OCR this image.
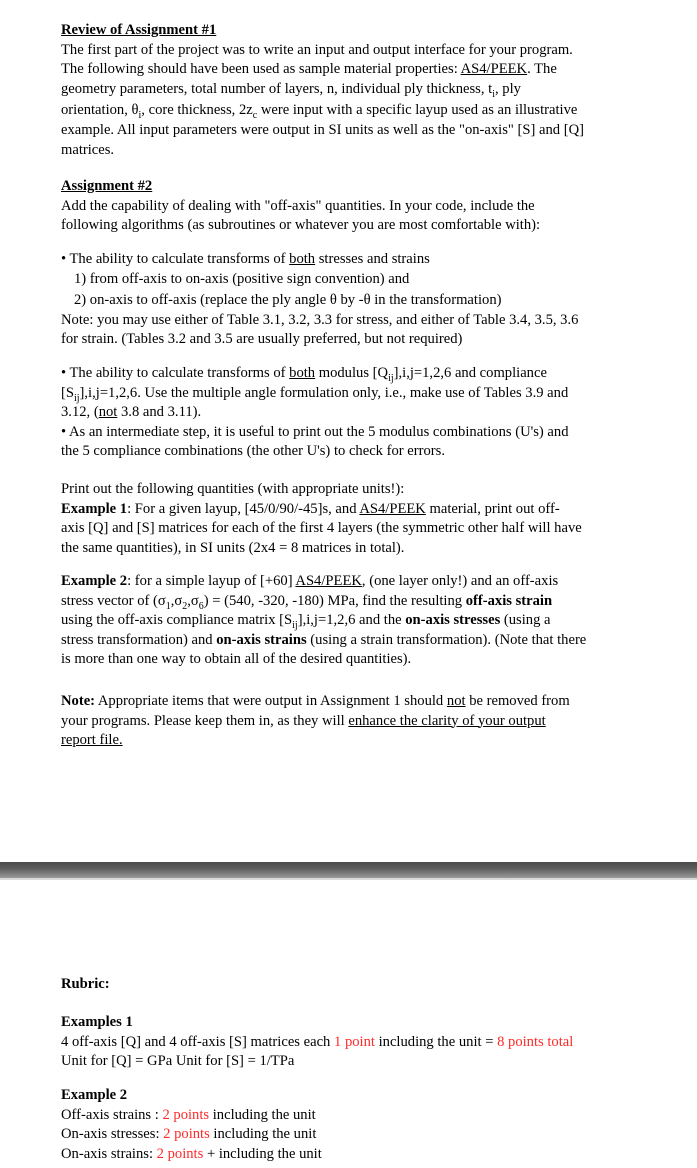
Review of Assignment #1

The first part of the project was to write an input and output interface for your program.

The following should have been used as sample material properties: AS4/PEEK. The

geometry parameters, total number of layers, n, individual ply thickness, $t_i$, ply

orientation, $\theta_i$, core thickness, $2z_c$ were input with a specific layup used as an illustrative

example. All input parameters were output in SI units as well as the "on-axis" [S] and [Q]

matrices.

Assignment #2

Add the capability of dealing with "off-axis" quantities. In your code, include the

following algorithms (as subroutines or whatever you are most comfortable with):

• The ability to calculate transforms of both stresses and strains

1) from off-axis to on-axis (positive sign convention) and

2) on-axis to off-axis (replace the ply angle θ by -θ in the transformation)

Note: you may use either of Table 3.1, 3.2, 3.3 for stress, and either of Table 3.4, 3.5, 3.6

for strain. (Tables 3.2 and 3.5 are usually preferred, but not required)

• The ability to calculate transforms of both modulus $[Q_{ij}],i,j=1,2,6$ and compliance

$[S_{ij}],i,j=1,2,6$. Use the multiple angle formulation only, i.e., make use of Tables 3.9 and

3.12, (not 3.8 and 3.11).

• As an intermediate step, it is useful to print out the 5 modulus combinations (U's) and

the 5 compliance combinations (the other U's) to check for errors.

Print out the following quantities (with appropriate units!):

Example 1: For a given layup, [45/0/90/-45]s, and AS4/PEEK material, print out off-

axis [Q] and [S] matrices for each of the first 4 layers (the symmetric other half will have

the same quantities), in SI units (2x4 = 8 matrices in total).

Example 2: for a simple layup of [+60] AS4/PEEK, (one layer only!) and an off-axis

stress vector of $(\sigma_1,\sigma_2,\sigma_6) = (540$, -320, -180) MPa, find the resulting off-axis strain

using the off-axis compliance matrix $[S_{ij}],i,j=1,2,6$ and the on-axis stresses (using a

stress transformation) and on-axis strains (using a strain transformation). (Note that there

is more than one way to obtain all of the desired quantities).

Note: Appropriate items that were output in Assignment 1 should not be removed from

your programs. Please keep them in, as they will enhance the clarity of your output

report file.

Rubric:

Examples 1

4 off-axis [Q] and 4 off-axis [S] matrices each 1 point including the unit = 8 points total

Unit for [Q] = GPa Unit for [S] = 1/TPa

Example 2

Off-axis strains : 2 points including the unit

On-axis stresses: 2 points including the unit

On-axis strains: 2 points + including the unit
